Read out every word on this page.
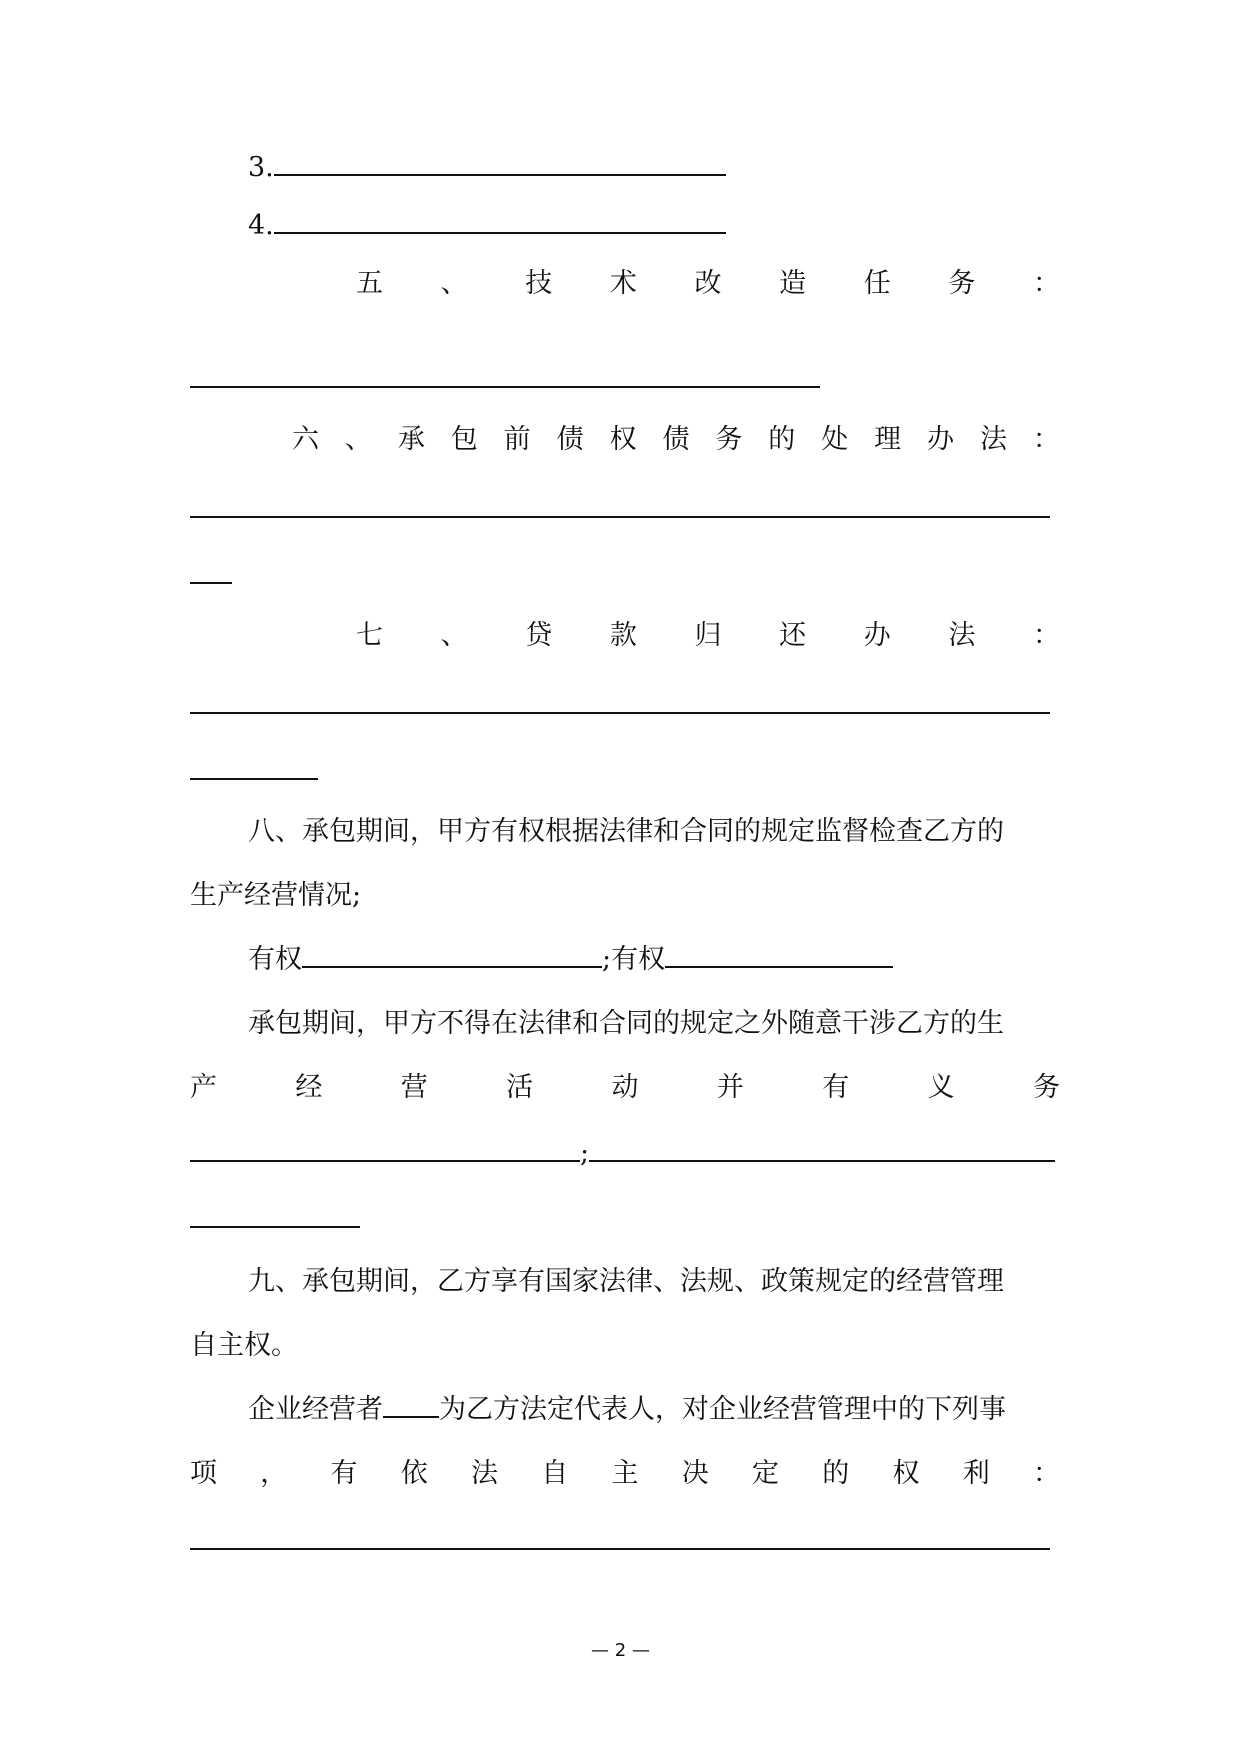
3.
4.
五 、 技 术 改 造 任 务 ：
六 、 承 包 前 债 权 债 务 的 处 理 办 法 ：
七 、 贷 款 归 还 办 法 ：
八、承包期间，甲方有权根据法律和合同的规定监督检查乙方的
生产经营情况;
有权	;有权
承包期间，甲方不得在法律和合同的规定之外随意干涉乙方的生
产	经	营	活	动	并	有	义	务
;
九、承包期间，乙方享有国家法律、法规、政策规定的经营管理
自主权。
企业经营者 为乙方法定代表人，对企业经营管理中的下列事
项 ， 有 依 法 自 主 决 定 的 权 利 ：
— 2 —
